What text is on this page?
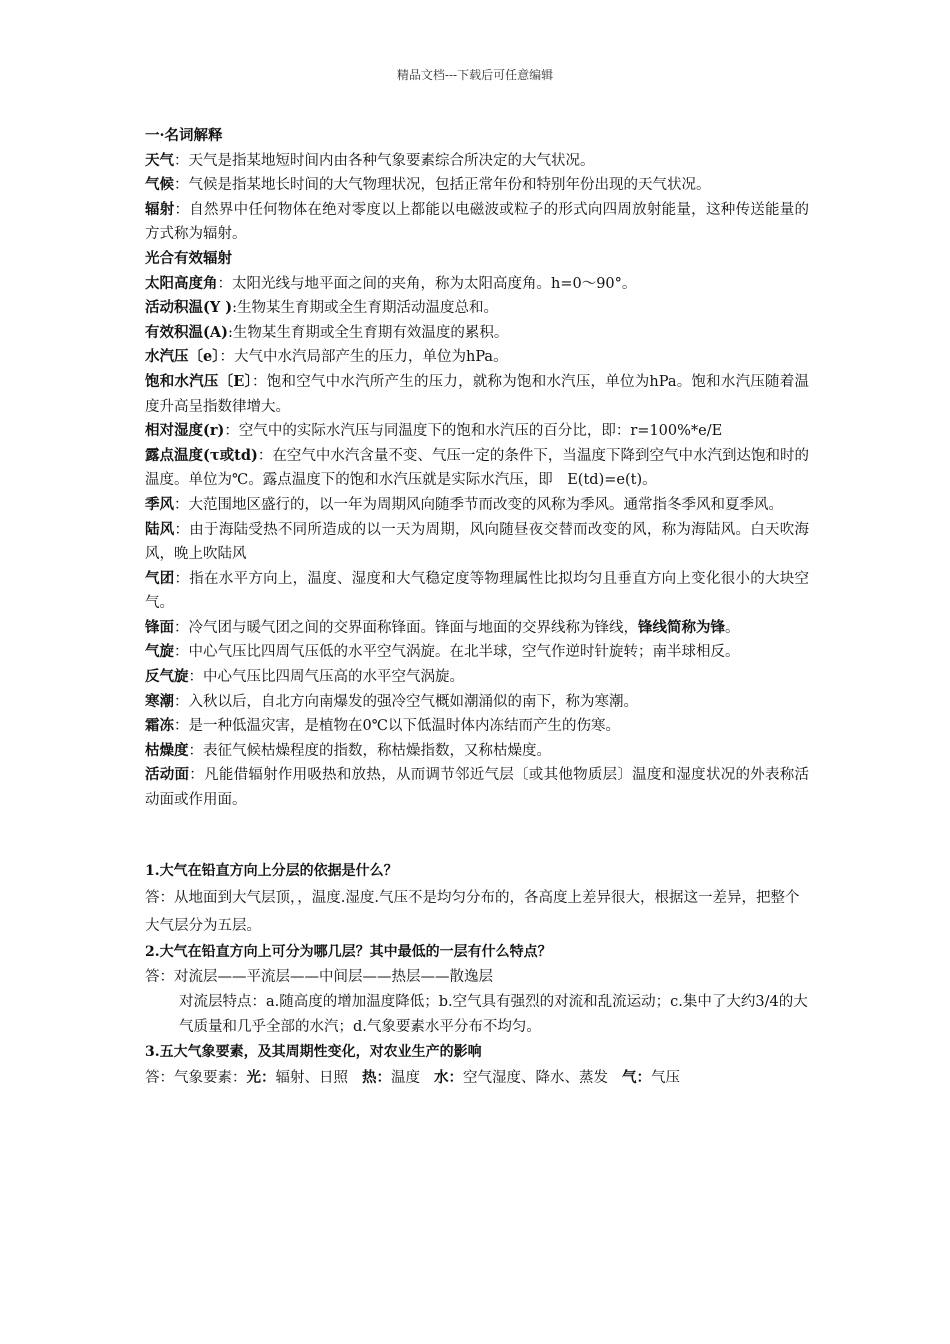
精品文档---下载后可任意编辑
一·名词解释
天气：天气是指某地短时间内由各种气象要素综合所决定的大气状况。
气候：气候是指某地长时间的大气物理状况，包括正常年份和特别年份出现的天气状况。
辐射：自然界中任何物体在绝对零度以上都能以电磁波或粒子的形式向四周放射能量，这种传送能量的方式称为辐射。
光合有效辐射
太阳高度角：太阳光线与地平面之间的夹角，称为太阳高度角。h=0～90°。
活动积温(Y ):生物某生育期或全生育期活动温度总和。
有效积温(A):生物某生育期或全生育期有效温度的累积。
水汽压〔e〕：大气中水汽局部产生的压力，单位为hPa。
饱和水汽压〔E〕：饱和空气中水汽所产生的压力，就称为饱和水汽压，单位为hPa。饱和水汽压随着温度升高呈指数律增大。
相对湿度(r)：空气中的实际水汽压与同温度下的饱和水汽压的百分比，即：r=100%*e/E
露点温度(τ或td)：在空气中水汽含量不变、气压一定的条件下，当温度下降到空气中水汽到达饱和时的温度。单位为℃。露点温度下的饱和水汽压就是实际水汽压，即　E(td)=e(t)。
季风：大范围地区盛行的，以一年为周期风向随季节而改变的风称为季风。通常指冬季风和夏季风。
陆风：由于海陆受热不同所造成的以一天为周期，风向随昼夜交替而改变的风，称为海陆风。白天吹海风，晚上吹陆风
气团：指在水平方向上，温度、湿度和大气稳定度等物理属性比拟均匀且垂直方向上变化很小的大块空气。
锋面：冷气团与暖气团之间的交界面称锋面。锋面与地面的交界线称为锋线，锋线简称为锋。
气旋：中心气压比四周气压低的水平空气涡旋。在北半球，空气作逆时针旋转；南半球相反。
反气旋：中心气压比四周气压高的水平空气涡旋。
寒潮：入秋以后，自北方向南爆发的强冷空气概如潮涌似的南下，称为寒潮。
霜冻：是一种低温灾害，是植物在0℃以下低温时体内冻结而产生的伤寒。
枯燥度：表征气候枯燥程度的指数，称枯燥指数，又称枯燥度。
活动面：凡能借辐射作用吸热和放热，从而调节邻近气层〔或其他物质层〕温度和湿度状况的外表称活动面或作用面。
1.大气在铅直方向上分层的依据是什么？
答：从地面到大气层顶，，温度.湿度.气压不是均匀分布的，各高度上差异很大，根据这一差异，把整个大气层分为五层。
2.大气在铅直方向上可分为哪几层？其中最低的一层有什么特点？
答：对流层——平流层——中间层——热层——散逸层
对流层特点：a.随高度的增加温度降低；b.空气具有强烈的对流和乱流运动；c.集中了大约3/4的大气质量和几乎全部的水汽；d.气象要素水平分布不均匀。
3.五大气象要素，及其周期性变化，对农业生产的影响
答：气象要素：光：辐射、日照 热：温度 水：空气湿度、降水、蒸发 气：气压
